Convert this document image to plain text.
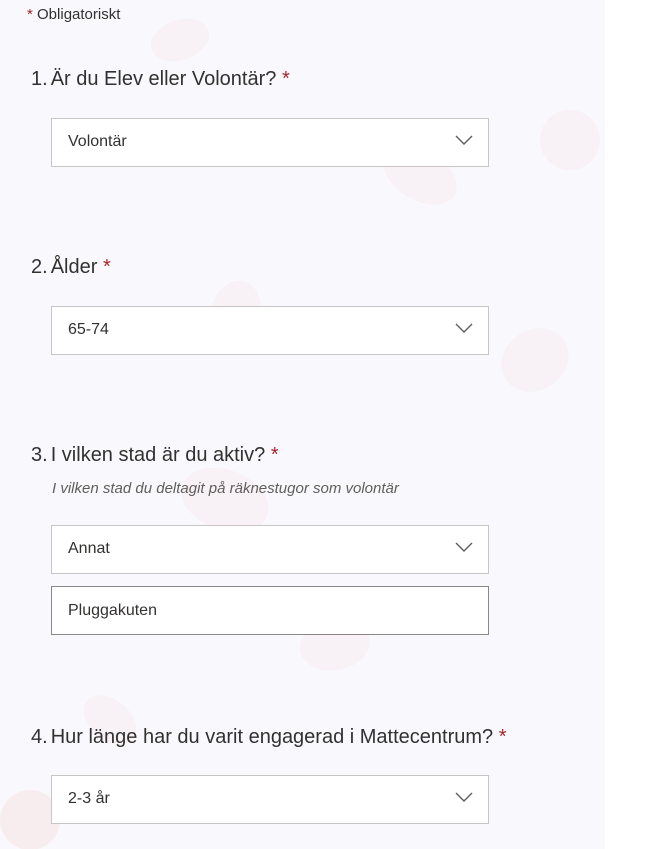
* Obligatoriskt
1. Är du Elev eller Volontär? *
Volontär
2. Ålder *
65-74
3. I vilken stad är du aktiv? *
I vilken stad du deltagit på räknestugor som volontär
Annat
Pluggakuten
4. Hur länge har du varit engagerad i Mattecentrum? *
2-3 år
